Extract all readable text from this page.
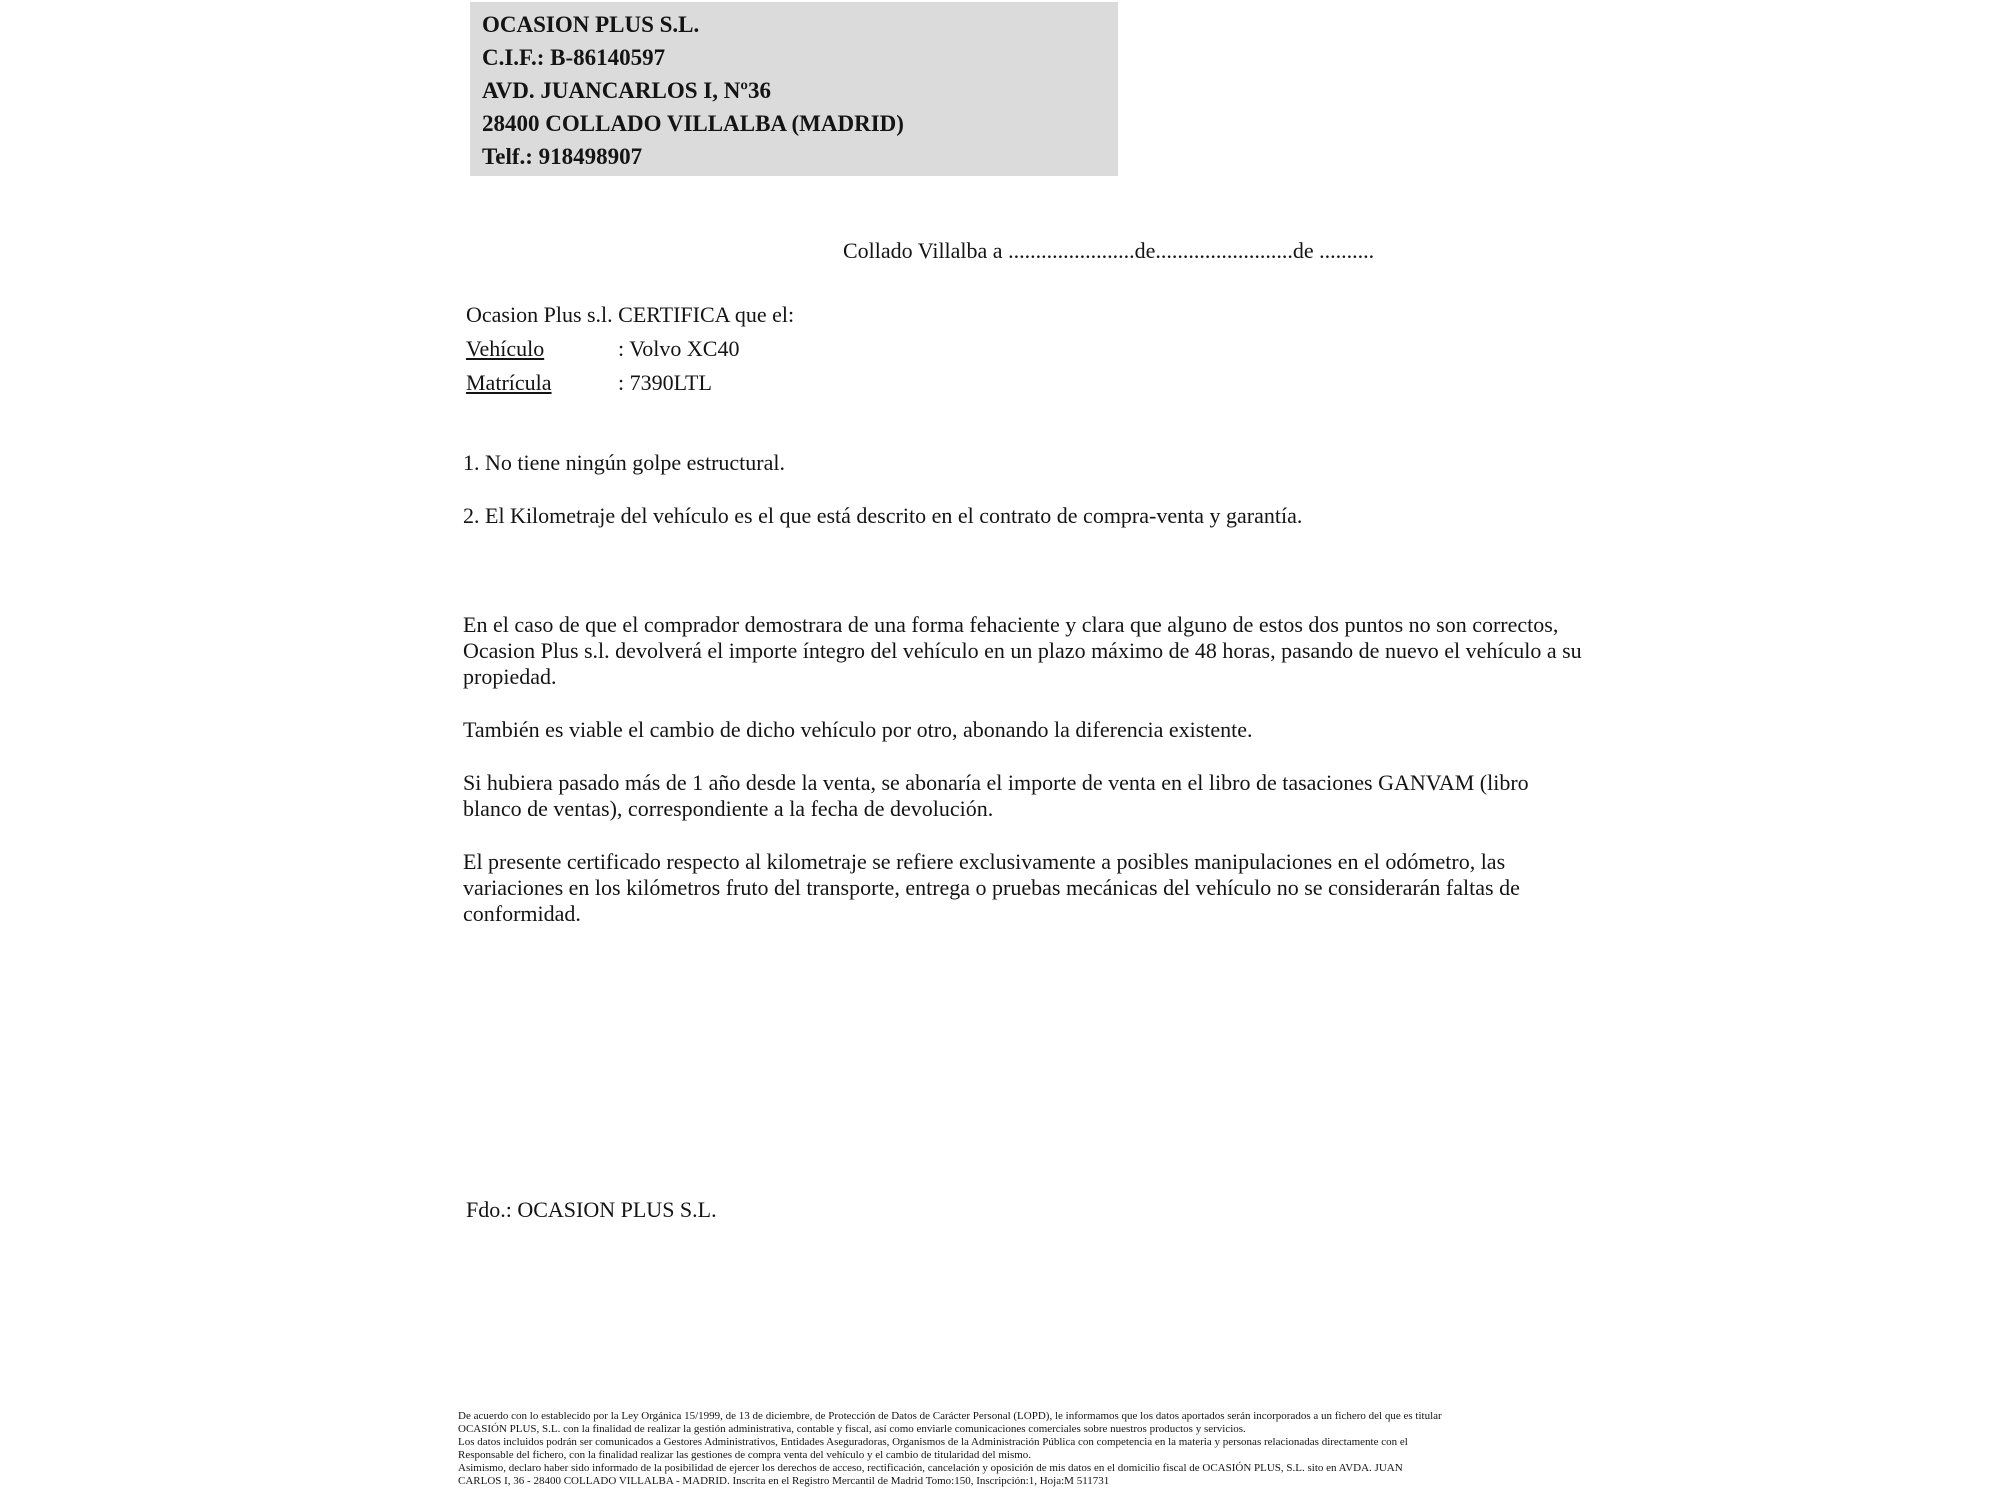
OCASION PLUS S.L.
C.I.F.: B-86140597
AVD. JUANCARLOS I, Nº36
28400 COLLADO VILLALBA (MADRID)
Telf.: 918498907
Collado Villalba a .......................de.........................de ..........
Ocasion Plus s.l. CERTIFICA que el:
Vehículo	: Volvo XC40
Matrícula	: 7390LTL
1. No tiene ningún golpe estructural.
2. El Kilometraje del vehículo es el que está descrito en el contrato de compra-venta y garantía.

En el caso de que el comprador demostrara de una forma fehaciente y clara que alguno de estos dos puntos no son correctos, Ocasion Plus s.l. devolverá el importe íntegro del vehículo en un plazo máximo de 48 horas, pasando de nuevo el vehículo a su propiedad.

También es viable el cambio de dicho vehículo por otro, abonando la diferencia existente.

Si hubiera pasado más de 1 año desde la venta, se abonaría el importe de venta en el libro de tasaciones GANVAM (libro blanco de ventas), correspondiente a la fecha de devolución.

El presente certificado respecto al kilometraje se refiere exclusivamente a posibles manipulaciones en el odómetro, las variaciones en los kilómetros fruto del transporte, entrega o pruebas mecánicas del vehículo no se considerarán faltas de conformidad.

Fdo.: OCASION PLUS S.L.
De acuerdo con lo establecido por la Ley Orgánica 15/1999, de 13 de diciembre, de Protección de Datos de Carácter Personal (LOPD), le informamos que los datos aportados serán incorporados a un fichero del que es titular
OCASIÓN PLUS, S.L. con la finalidad de realizar la gestión administrativa, contable y fiscal, así como enviarle comunicaciones comerciales sobre nuestros productos y servicios.
Los datos incluidos podrán ser comunicados a Gestores Administrativos, Entidades Aseguradoras, Organismos de la Administración Pública con competencia en la materia y personas relacionadas directamente con el
Responsable del fichero, con la finalidad realizar las gestiones de compra venta del vehículo y el cambio de titularidad del mismo.
Asimismo, declaro haber sido informado de la posibilidad de ejercer los derechos de acceso, rectificación, cancelación y oposición de mis datos en el domicilio fiscal de OCASIÓN PLUS, S.L. sito en AVDA. JUAN
CARLOS I, 36 - 28400 COLLADO VILLALBA - MADRID. Inscrita en el Registro Mercantil de Madrid Tomo:150, Inscripción:1, Hoja:M 511731
